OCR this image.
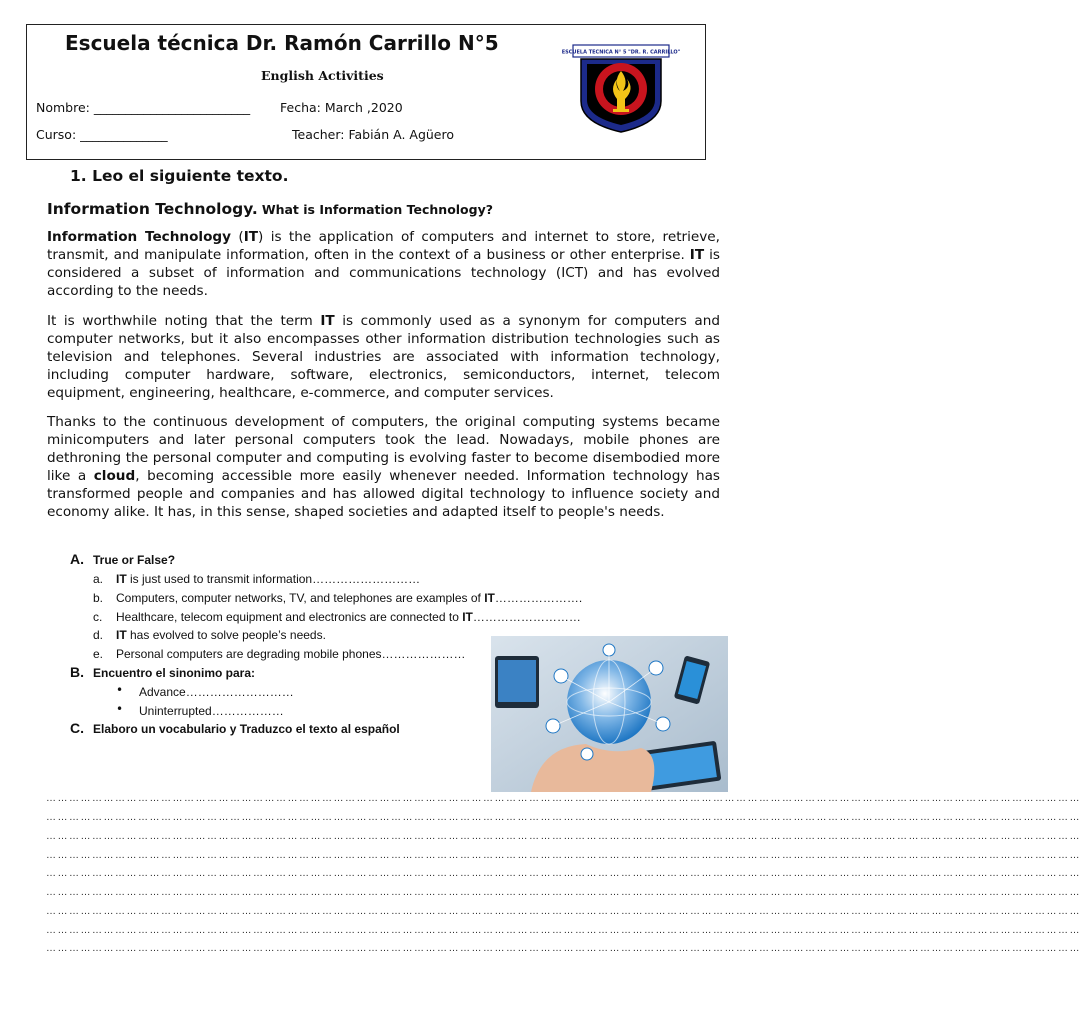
Escuela técnica Dr. Ramón Carrillo N°5
English Activities
Nombre: _________________________ Fecha: March ,2020
Curso: ______________	Teacher: Fabián A. Agüero
ESCUELA TECNICA N° 5 "DR. R. CARRILLO"
1. Leo el siguiente texto.
Information Technology. What is Information Technology?

Information Technology (IT) is the application of computers and internet to store, retrieve, transmit, and manipulate information, often in the context of a business or other enterprise. IT is considered a subset of information and communications technology (ICT) and has evolved according to the needs.

It is worthwhile noting that the term IT is commonly used as a synonym for computers and computer networks, but it also encompasses other information distribution technologies such as television and telephones. Several industries are associated with information technology, including computer hardware, software, electronics, semiconductors, internet, telecom equipment, engineering, healthcare, e-commerce, and computer services.

Thanks to the continuous development of computers, the original computing systems became minicomputers and later personal computers took the lead. Nowadays, mobile phones are dethroning the personal computer and computing is evolving faster to become disembodied more like a cloud, becoming accessible more easily whenever needed. Information technology has transformed people and companies and has allowed digital technology to influence society and economy alike. It has, in this sense, shaped societies and adapted itself to people's needs.

A. True or False?
a. IT is just used to transmit information………………………
b. Computers, computer networks, TV, and telephones are examples of IT………………….
c. Healthcare, telecom equipment and electronics are connected to IT………………………
d. IT has evolved to solve people’s needs.
e. Personal computers are degrading mobile phones…………………
B. Encuentro el sinonimo para:
• Advance………………………
• Uninterrupted………………
C. Elaboro un vocabulario y Traduzco el texto al español
………………………………………………………………………………………………………………………………………………………………………………………………………………………………………………
………………………………………………………………………………………………………………………………………………………………………………………………………………………………………………
………………………………………………………………………………………………………………………………………………………………………………………………………………………………………………
………………………………………………………………………………………………………………………………………………………………………………………………………………………………………………
………………………………………………………………………………………………………………………………………………………………………………………………………………………………………………
………………………………………………………………………………………………………………………………………………………………………………………………………………………………………………
………………………………………………………………………………………………………………………………………………………………………………………………………………………………………………
………………………………………………………………………………………………………………………………………………………………………………………………………………………………………………
………………………………………………………………………………………………………………………………………………………………………………………………………………………………………………
